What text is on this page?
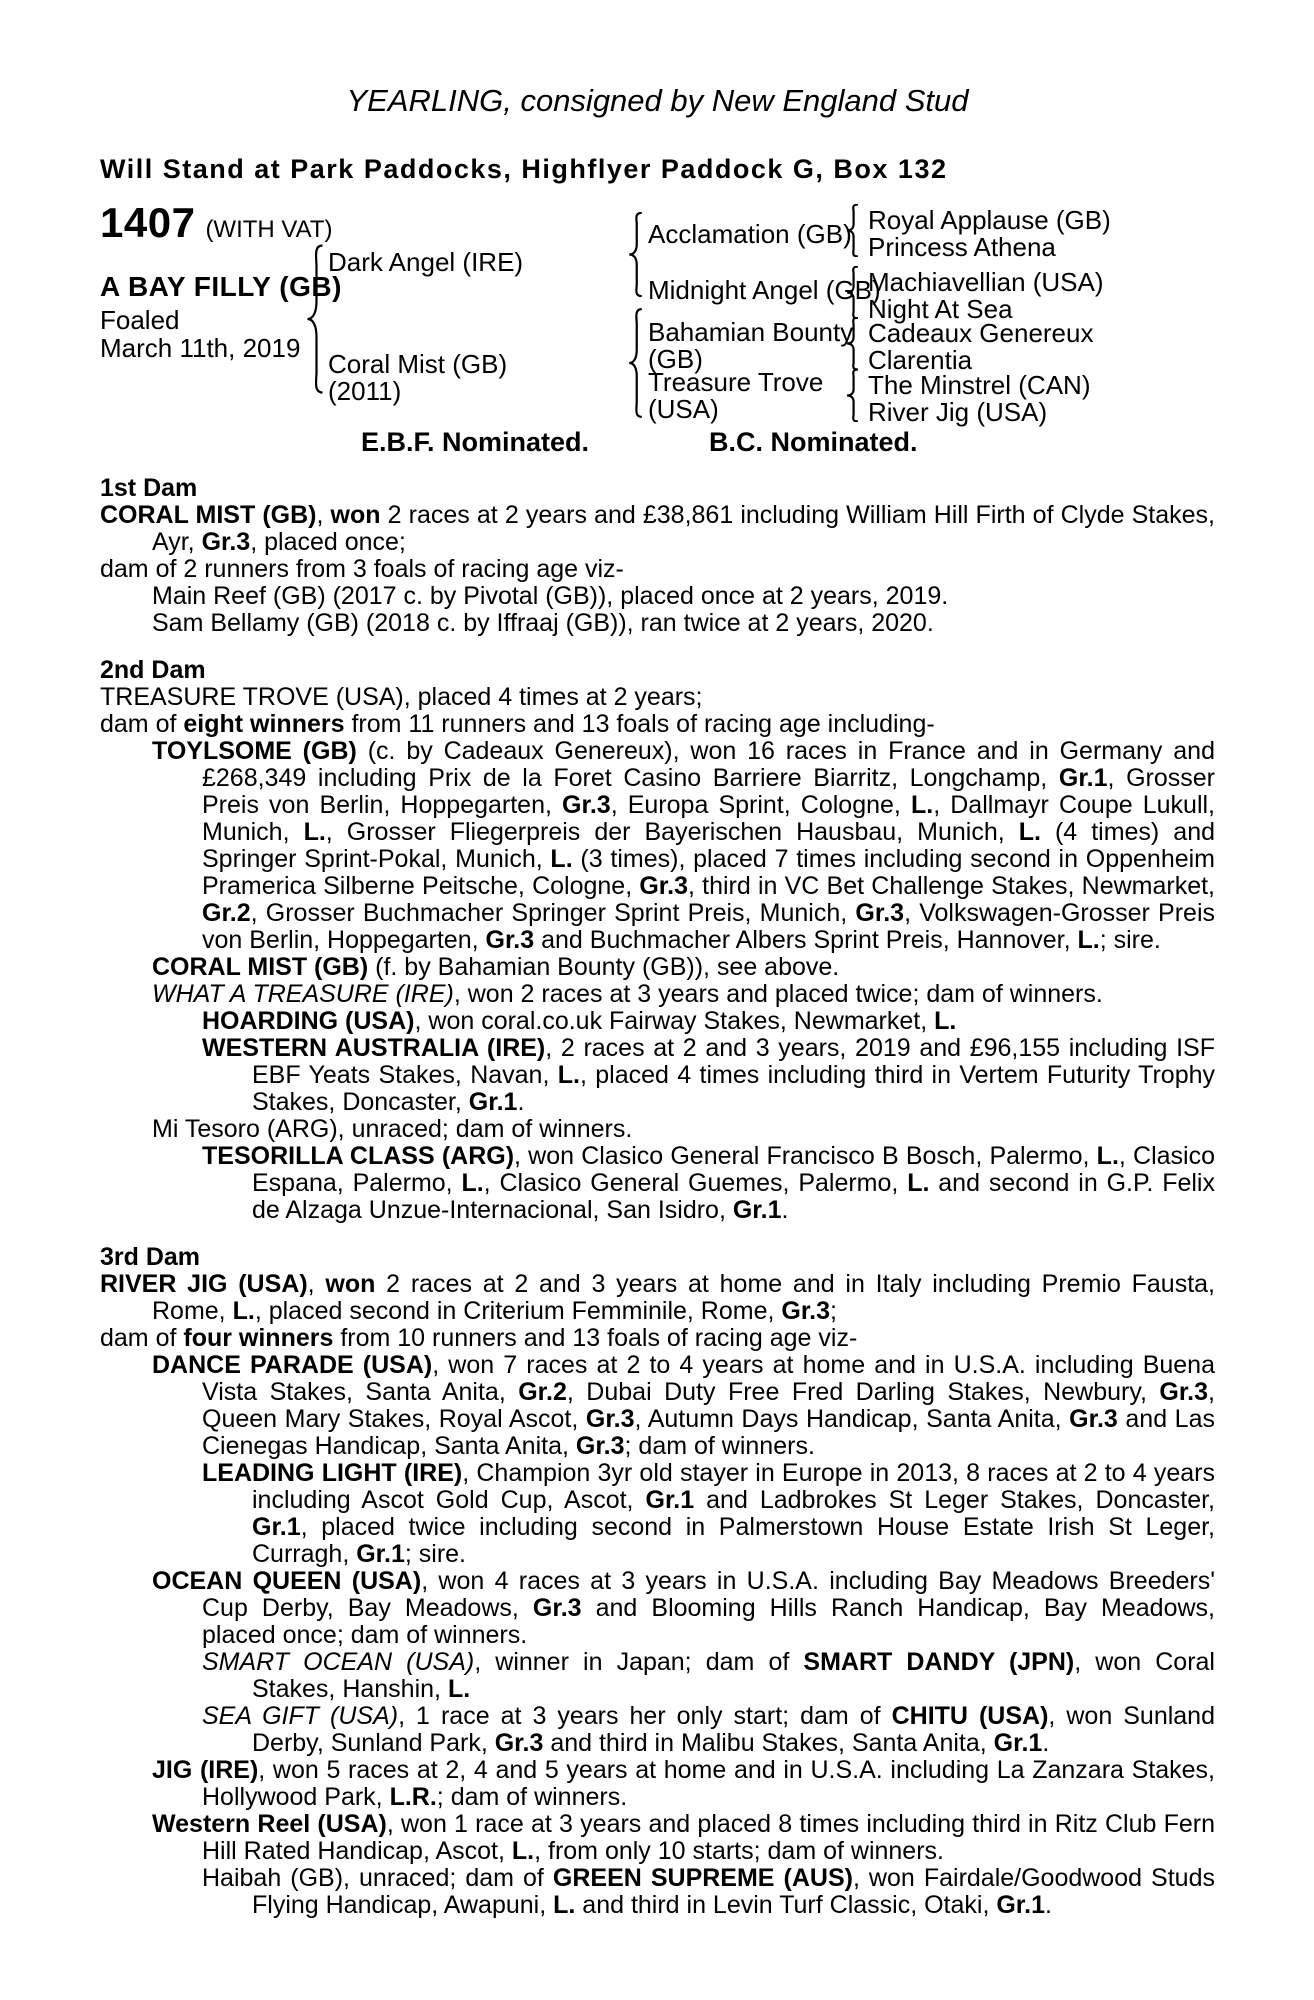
YEARLING, consigned by New England Stud
Will Stand at Park Paddocks, Highflyer Paddock G, Box 132
1407 (WITH VAT)
A BAY FILLY (GB)
Foaled
March 11th, 2019
Dark Angel (IRE)
Coral Mist (GB)
(2011)
Acclamation (GB)
Midnight Angel (GB)
Bahamian Bounty
(GB)
Treasure Trove
(USA)
Royal Applause (GB)
Princess Athena
Machiavellian (USA)
Night At Sea
Cadeaux Genereux
Clarentia
The Minstrel (CAN)
River Jig (USA)
E.B.F. Nominated.	B.C. Nominated.
1st Dam

CORAL MIST (GB), won 2 races at 2 years and £38,861 including William Hill Firth of Clyde Stakes, Ayr, Gr.3, placed once;

dam of 2 runners from 3 foals of racing age viz-

Main Reef (GB) (2017 c. by Pivotal (GB)), placed once at 2 years, 2019.

Sam Bellamy (GB) (2018 c. by Iffraaj (GB)), ran twice at 2 years, 2020.

2nd Dam

TREASURE TROVE (USA), placed 4 times at 2 years;

dam of eight winners from 11 runners and 13 foals of racing age including-

TOYLSOME (GB) (c. by Cadeaux Genereux), won 16 races in France and in Germany and £268,349 including Prix de la Foret Casino Barriere Biarritz, Longchamp, Gr.1, Grosser Preis von Berlin, Hoppegarten, Gr.3, Europa Sprint, Cologne, L., Dallmayr Coupe Lukull, Munich, L., Grosser Fliegerpreis der Bayerischen Hausbau, Munich, L. (4 times) and Springer Sprint-Pokal, Munich, L. (3 times), placed 7 times including second in Oppenheim Pramerica Silberne Peitsche, Cologne, Gr.3, third in VC Bet Challenge Stakes, Newmarket, Gr.2, Grosser Buchmacher Springer Sprint Preis, Munich, Gr.3, Volkswagen-Grosser Preis von Berlin, Hoppegarten, Gr.3 and Buchmacher Albers Sprint Preis, Hannover, L.; sire.

CORAL MIST (GB) (f. by Bahamian Bounty (GB)), see above.

WHAT A TREASURE (IRE), won 2 races at 3 years and placed twice; dam of winners.

HOARDING (USA), won coral.co.uk Fairway Stakes, Newmarket, L.

WESTERN AUSTRALIA (IRE), 2 races at 2 and 3 years, 2019 and £96,155 including ISF EBF Yeats Stakes, Navan, L., placed 4 times including third in Vertem Futurity Trophy Stakes, Doncaster, Gr.1.

Mi Tesoro (ARG), unraced; dam of winners.

TESORILLA CLASS (ARG), won Clasico General Francisco B Bosch, Palermo, L., Clasico Espana, Palermo, L., Clasico General Guemes, Palermo, L. and second in G.P. Felix de Alzaga Unzue-Internacional, San Isidro, Gr.1.

3rd Dam

RIVER JIG (USA), won 2 races at 2 and 3 years at home and in Italy including Premio Fausta, Rome, L., placed second in Criterium Femminile, Rome, Gr.3;

dam of four winners from 10 runners and 13 foals of racing age viz-

DANCE PARADE (USA), won 7 races at 2 to 4 years at home and in U.S.A. including Buena Vista Stakes, Santa Anita, Gr.2, Dubai Duty Free Fred Darling Stakes, Newbury, Gr.3, Queen Mary Stakes, Royal Ascot, Gr.3, Autumn Days Handicap, Santa Anita, Gr.3 and Las Cienegas Handicap, Santa Anita, Gr.3; dam of winners.

LEADING LIGHT (IRE), Champion 3yr old stayer in Europe in 2013, 8 races at 2 to 4 years including Ascot Gold Cup, Ascot, Gr.1 and Ladbrokes St Leger Stakes, Doncaster, Gr.1, placed twice including second in Palmerstown House Estate Irish St Leger, Curragh, Gr.1; sire.

OCEAN QUEEN (USA), won 4 races at 3 years in U.S.A. including Bay Meadows Breeders' Cup Derby, Bay Meadows, Gr.3 and Blooming Hills Ranch Handicap, Bay Meadows, placed once; dam of winners.

SMART OCEAN (USA), winner in Japan; dam of SMART DANDY (JPN), won Coral Stakes, Hanshin, L.

SEA GIFT (USA), 1 race at 3 years her only start; dam of CHITU (USA), won Sunland Derby, Sunland Park, Gr.3 and third in Malibu Stakes, Santa Anita, Gr.1.

JIG (IRE), won 5 races at 2, 4 and 5 years at home and in U.S.A. including La Zanzara Stakes, Hollywood Park, L.R.; dam of winners.

Western Reel (USA), won 1 race at 3 years and placed 8 times including third in Ritz Club Fern Hill Rated Handicap, Ascot, L., from only 10 starts; dam of winners.

Haibah (GB), unraced; dam of GREEN SUPREME (AUS), won Fairdale/Goodwood Studs Flying Handicap, Awapuni, L. and third in Levin Turf Classic, Otaki, Gr.1.
